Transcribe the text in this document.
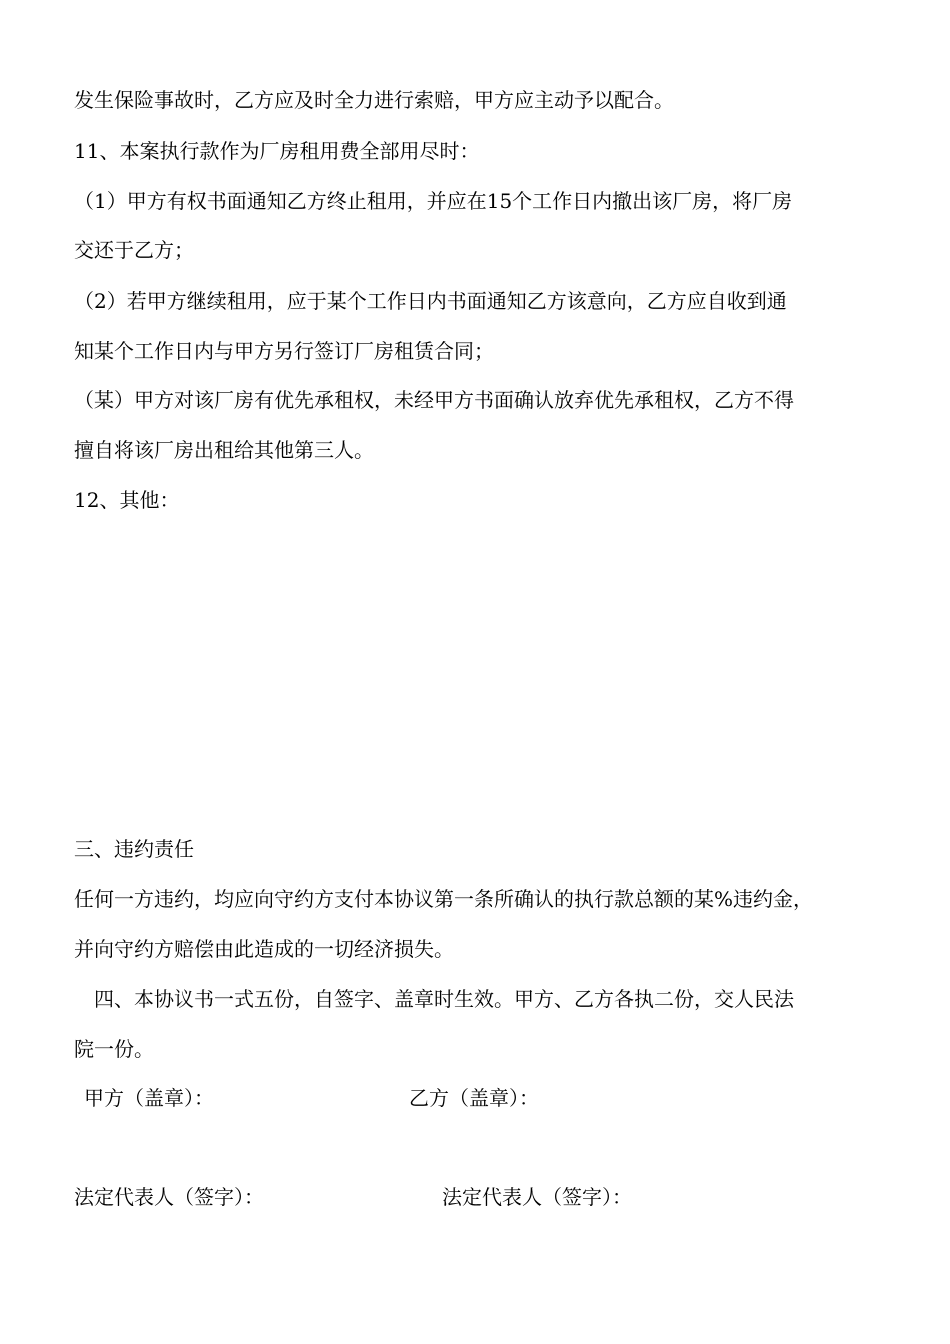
发生保险事故时，乙方应及时全力进行索赔，甲方应主动予以配合。
11、本案执行款作为厂房租用费全部用尽时：
（1）甲方有权书面通知乙方终止租用，并应在15个工作日内撤出该厂房，将厂房
交还于乙方；
（2）若甲方继续租用，应于某个工作日内书面通知乙方该意向，乙方应自收到通
知某个工作日内与甲方另行签订厂房租赁合同；
（某）甲方对该厂房有优先承租权，未经甲方书面确认放弃优先承租权，乙方不得
擅自将该厂房出租给其他第三人。
12、其他：
三、违约责任
任何一方违约，均应向守约方支付本协议第一条所确认的执行款总额的某%违约金，
并向守约方赔偿由此造成的一切经济损失。
　四、本协议书一式五份，自签字、盖章时生效。甲方、乙方各执二份，交人民法
院一份。
甲方（盖章）：	乙方（盖章）：
法定代表人（签字）：	法定代表人（签字）：
